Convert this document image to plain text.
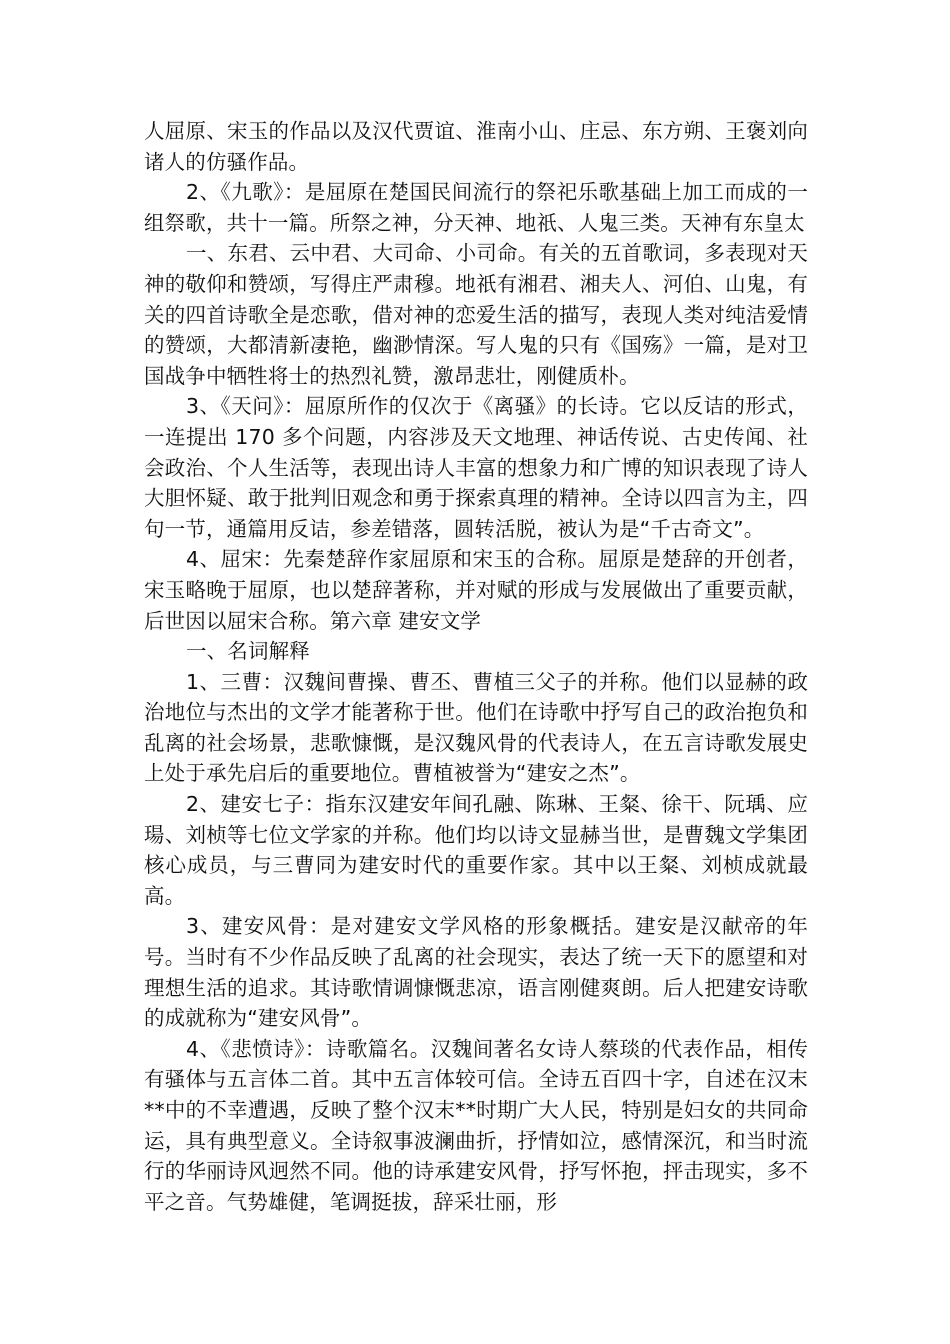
人屈原、宋玉的作品以及汉代贾谊、淮南小山、庄忌、东方朔、王褒刘向诸人的仿骚作品。

2、《九歌》：是屈原在楚国民间流行的祭祀乐歌基础上加工而成的一组祭歌，共十一篇。所祭之神，分天神、地祇、人鬼三类。天神有东皇太

一、东君、云中君、大司命、小司命。有关的五首歌词，多表现对天神的敬仰和赞颂，写得庄严肃穆。地祇有湘君、湘夫人、河伯、山鬼，有关的四首诗歌全是恋歌，借对神的恋爱生活的描写，表现人类对纯洁爱情的赞颂，大都清新凄艳，幽渺情深。写人鬼的只有《国殇》一篇，是对卫国战争中牺牲将士的热烈礼赞，激昂悲壮，刚健质朴。

3、《天问》：屈原所作的仅次于《离骚》的长诗。它以反诘的形式，一连提出 170 多个问题，内容涉及天文地理、神话传说、古史传闻、社会政治、个人生活等，表现出诗人丰富的想象力和广博的知识表现了诗人大胆怀疑、敢于批判旧观念和勇于探索真理的精神。全诗以四言为主，四句一节，通篇用反诘，参差错落，圆转活脱，被认为是“千古奇文”。

4、屈宋：先秦楚辞作家屈原和宋玉的合称。屈原是楚辞的开创者，宋玉略晚于屈原，也以楚辞著称，并对赋的形成与发展做出了重要贡献，后世因以屈宋合称。第六章 建安文学

一、名词解释

1、三曹：汉魏间曹操、曹丕、曹植三父子的并称。他们以显赫的政治地位与杰出的文学才能著称于世。他们在诗歌中抒写自己的政治抱负和乱离的社会场景，悲歌慷慨，是汉魏风骨的代表诗人，在五言诗歌发展史上处于承先启后的重要地位。曹植被誉为“建安之杰”。

2、建安七子：指东汉建安年间孔融、陈琳、王粲、徐干、阮瑀、应瑒、刘桢等七位文学家的并称。他们均以诗文显赫当世，是曹魏文学集团核心成员，与三曹同为建安时代的重要作家。其中以王粲、刘桢成就最高。

3、建安风骨：是对建安文学风格的形象概括。建安是汉献帝的年号。当时有不少作品反映了乱离的社会现实，表达了统一天下的愿望和对理想生活的追求。其诗歌情调慷慨悲凉，语言刚健爽朗。后人把建安诗歌的成就称为“建安风骨”。

4、《悲愤诗》：诗歌篇名。汉魏间著名女诗人蔡琰的代表作品，相传有骚体与五言体二首。其中五言体较可信。全诗五百四十字，自述在汉末**中的不幸遭遇，反映了整个汉末**时期广大人民，特别是妇女的共同命运，具有典型意义。全诗叙事波澜曲折，抒情如泣，感情深沉，和当时流行的华丽诗风迥然不同。他的诗承建安风骨，抒写怀抱，抨击现实，多不平之音。气势雄健，笔调挺拔，辞采壮丽，形
